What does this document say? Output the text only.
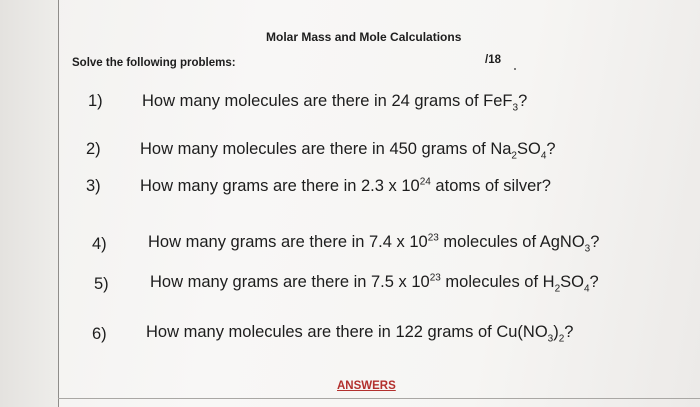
Molar Mass and Mole Calculations
Solve the following problems:	/18
1) How many molecules are there in 24 grams of FeF$_3$?
2) How many molecules are there in 450 grams of $Na_2SO_4$?
3) How many grams are there in 2.3 x $10^{24}$ atoms of silver?
4)	How many grams are there in 7.4 x $10^{23}$ molecules of AgNO$_3$?
5)	How many grams are there in 7.5 x $10^{23}$ molecules of $H_2SO_4$?
6) How many molecules are there in 122 grams of $Cu(NO_3)_2$?
ANSWERS
